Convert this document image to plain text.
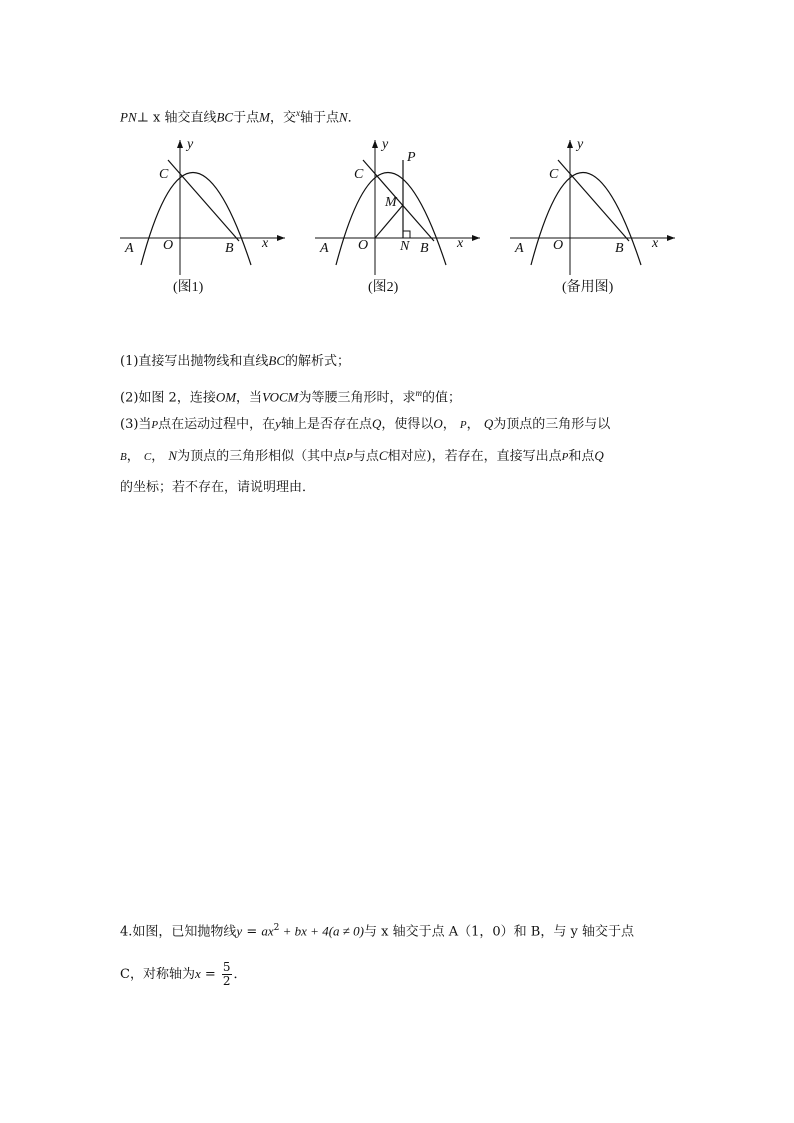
PN⊥ x 轴交直线BC于点M，交$^x$轴于点N．
y
C
O
A	B x
(图1)
y
P
C
M
O
A	N B x
(图2)
y
C
O
A	B x
(备用图)
(1)直接写出抛物线和直线BC的解析式；
(2)如图 2，连接OM，当VOCM为等腰三角形时，求$^m$的值；
(3)当P点在运动过程中，在y轴上是否存在点Q，使得以O， P， Q为顶点的三角形与以
B， C， N为顶点的三角形相似（其中点P与点C相对应)，若存在，直接写出点P和点Q
的坐标；若不存在，请说明理由．
4.如图，已知抛物线$y = ax^2$ + bx + 4(a ≠ 0)与 x 轴交于点 A（1，0）和 B，与 y 轴交于点
C，对称轴为$x = \frac{5}{2}$ ．
